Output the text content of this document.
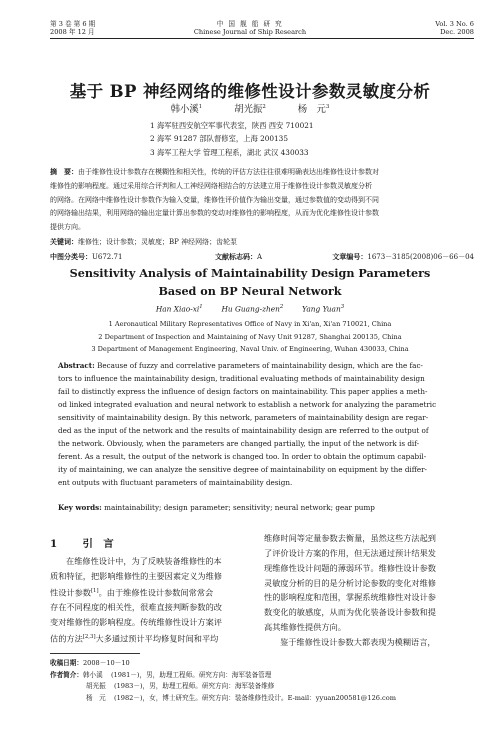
第 3 卷 第 6 期
2008 年 12 月
中 国 舰 船 研 究
Chinese Journal of Ship Research
Vol. 3 No. 6
Dec. 2008
基于 BP 神经网络的维修性设计参数灵敏度分析
韩小溪$^1$	胡光振$^2$	杨　元$^3$
1 海军驻西安航空军事代表室，陕西 西安 710021
2 海军 91287 部队督修室，上海 200135
3 海军工程大学 管理工程系，湖北 武汉 430033
摘　要：由于维修性设计参数存在模糊性和相关性，传统的评估方法往往很难明确表达出维修性设计参数对
维修性的影响程度。通过采用综合评判和人工神经网络相结合的方法建立用于维修性设计参数灵敏度分析
的网络。在网络中维修性设计参数作为输入变量，维修性评价值作为输出变量，通过参数值的变动得到不同
的网络输出结果，利用网络的输出定量计算出参数的变动对维修性的影响程度，从而为优化维修性设计参数
提供方向。
关键词：维修性；设计参数；灵敏度；BP 神经网络；齿轮泵
中图分类号：U672.71	文献标志码：A	文章编号：1673－3185(2008)06－66－04
Sensitivity Analysis of Maintainability Design Parameters
Based on BP Neural Network
Han Xiao-$xi^1$	Hu Guang-zhen$^2$	Yang Yuan$^3$
1 Aeronautical Military Representatives Office of Navy in Xi'an, Xi'an 710021, China
2 Department of Inspection and Maintaining of Navy Unit 91287, Shanghai 200135, China
3 Department of Management Engineering, Naval Univ. of Engineering, Wuhan 430033, China
Abstract: Because of fuzzy and correlative parameters of maintainability design, which are the fac-
tors to influence the maintainability design, traditional evaluating methods of maintainability design
fail to distinctly express the influence of design factors on maintainability. This paper applies a meth-
od linked integrated evaluation and neural network to establish a network for analyzing the parametric
sensitivity of maintainability design. By this network, parameters of maintainability design are regar-
ded as the input of the network and the results of maintainability design are referred to the output of
the network. Obviously, when the parameters are changed partially, the input of the network is dif-
ferent. As a result, the output of the network is changed too. In order to obtain the optimum capabil-
ity of maintaining, we can analyze the sensitive degree of maintainability on equipment by the differ-
ent outputs with fluctuant parameters of maintainability design.
Key words: maintainability; design parameter; sensitivity; neural network; gear pump
1 引　言
在维修性设计中，为了反映装备维修性的本
质和特征，把影响维修性的主要因素定义为维修
性设计参数[1]。由于维修性设计参数间常常会
存在不同程度的相关性，很难直接判断参数的改
变对维修性的影响程度。传统维修性设计方案评
估的方法[2,3]大多通过预计平均修复时间和平均
维修时间等定量参数去衡量，虽然这些方法起到
了评价设计方案的作用，但无法通过预计结果发
现维修性设计问题的薄弱环节。维修性设计参数
灵敏度分析的目的是分析讨论参数的变化对维修
性的影响程度和范围，掌握系统维修性对设计参
数变化的敏感度，从而为优化装备设计参数和提
高其维修性提供方向。
鉴于维修性设计参数大都表现为模糊语言，
收稿日期：2008－10－10
作者简介：韩小溪 (1981－)，男，助理工程师。研究方向：海军装备管理
胡光振 (1983－)，男，助理工程师。研究方向：海军装备维修
杨　元 (1982－)，女，博士研究生。研究方向：装备维修性设计。E-mail：yyuan200581@126.com
